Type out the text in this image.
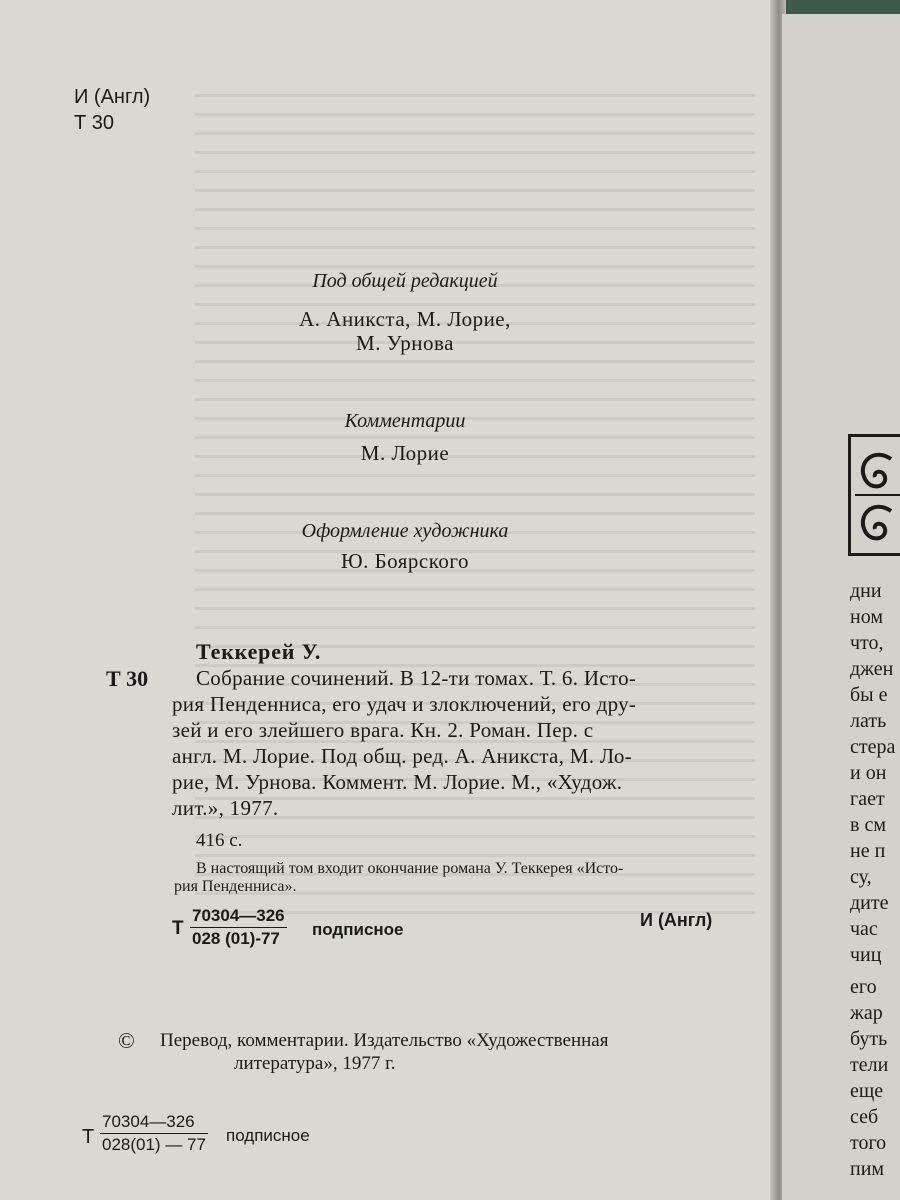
И (Англ)
Т 30
Под общей редакцией
А. Аникста, М. Лорие,
М. Урнова
Комментарии
М. Лорие
Оформление художника
Ю. Боярского
Теккерей У.
Т 30 Собрание сочинений. В 12-ти томах. Т. 6. Исто-
рия Пенденниса, его удач и злоключений, его дру-
зей и его злейшего врага. Кн. 2. Роман. Пер. с
англ. М. Лорие. Под общ. ред. А. Аникста, М. Ло-
рие, М. Урнова. Коммент. М. Лорие. М., «Худож.
лит.», 1977.
416 с.
В настоящий том входит окончание романа У. Теккерея «Исто-
рия Пенденниса».
Т $\frac{70304—326}{028 (01)-77}$ подписное	И (Англ)
© Перевод, комментарии. Издательство «Художественная
литература», 1977 г.
Т $\frac{70304—326}{028(01) — 77}$ подписное
дни
ном
что,
джен
бы е
лать
стера
и он
гает
в см
не п
су,
дите
час
чиц
его
жар
буть
тели
еще
себ
того
пим
